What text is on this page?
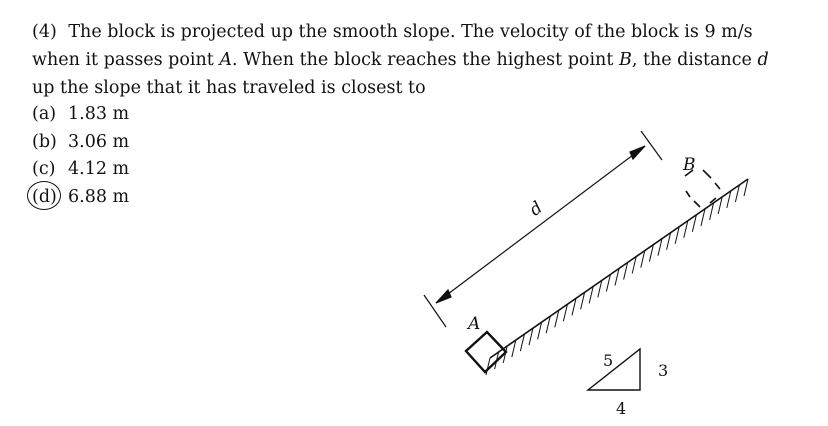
(4) The block is projected up the smooth slope. The velocity of the block is 9 m/s when it passes point A. When the block reaches the highest point B, the distance d up the slope that it has traveled is closest to
(a) 1.83 m
(b) 3.06 m
(c) 4.12 m
(d) 6.88 m
A
B
d
5
3
4
